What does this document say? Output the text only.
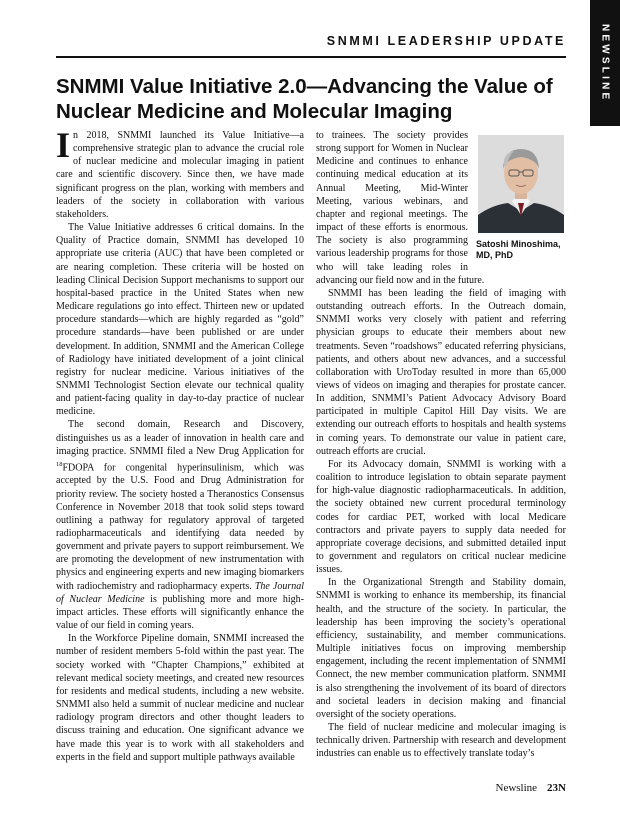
SNMMI LEADERSHIP UPDATE	NEWSLINE
SNMMI Value Initiative 2.0—Advancing the Value of Nuclear Medicine and Molecular Imaging

In 2018, SNMMI launched its Value Initiative—a comprehensive strategic plan to advance the crucial role of nuclear medicine and molecular imaging in patient care and scientific discovery. Since then, we have made significant progress on the plan, working with members and leaders of the society in collaboration with various stakeholders.

The Value Initiative addresses 6 critical domains. In the Quality of Practice domain, SNMMI has developed 10 appropriate use criteria (AUC) that have been completed or are nearing completion. These criteria will be hosted on leading Clinical Decision Support mechanisms to support our hospital-based practice in the United States when new Medicare regulations go into effect. Thirteen new or updated procedure standards—which are highly regarded as “gold” procedure standards—have been published or are under development. In addition, SNMMI and the American College of Radiology have initiated development of a joint clinical registry for nuclear medicine. Various initiatives of the SNMMI Technologist Section elevate our technical quality and patient-facing quality in day-to-day practice of nuclear medicine.

The second domain, Research and Discovery, distinguishes us as a leader of innovation in health care and imaging practice. SNMMI filed a New Drug Application for $^{18}$FDOPA for congenital hyperinsulinism, which was accepted by the U.S. Food and Drug Administration for priority review. The society hosted a Theranostics Consensus Conference in November 2018 that took solid steps toward outlining a pathway for regulatory approval of targeted radiopharmaceuticals and identifying data needed by government and private payers to support reimbursement. We are promoting the development of new instrumentation with physics and engineering experts and new imaging biomarkers with radiochemistry and radiopharmacy experts. The Journal of Nuclear Medicine is publishing more and more high-impact articles. These efforts will significantly enhance the value of our field in coming years.

In the Workforce Pipeline domain, SNMMI increased the number of resident members 5-fold within the past year. The society worked with “Chapter Champions,” exhibited at relevant medical society meetings, and created new resources for residents and medical students, including a new website. SNMMI also held a summit of nuclear medicine and nuclear radiology program directors and other thought leaders to discuss training and education. One significant advance we have made this year is to work with all stakeholders and experts in the field and support multiple pathways available

Satoshi Minoshima, MD, PhD

to trainees. The society provides strong support for Women in Nuclear Medicine and continues to enhance continuing medical education at its Annual Meeting, Mid-Winter Meeting, various webinars, and chapter and regional meetings. The impact of these efforts is enormous. The society is also programming various leadership programs for those who will take leading roles in advancing our field now and in the future.

SNMMI has been leading the field of imaging with outstanding outreach efforts. In the Outreach domain, SNMMI works very closely with patient and referring physician groups to educate their members about new treatments. Seven “roadshows” educated referring physicians, patients, and others about new advances, and a successful collaboration with UroToday resulted in more than 65,000 views of videos on imaging and therapies for prostate cancer. In addition, SNMMI’s Patient Advocacy Advisory Board participated in multiple Capitol Hill Day visits. We are extending our outreach efforts to hospitals and health systems in coming years. To demonstrate our value in patient care, outreach efforts are crucial.

For its Advocacy domain, SNMMI is working with a coalition to introduce legislation to obtain separate payment for high-value diagnostic radiopharmaceuticals. In addition, the society obtained new current procedural terminology codes for cardiac PET, worked with local Medicare contractors and private payers to supply data needed for appropriate coverage decisions, and submitted detailed input to government and regulators on critical nuclear medicine issues.

In the Organizational Strength and Stability domain, SNMMI is working to enhance its membership, its financial health, and the structure of the society. In particular, the leadership has been improving the society’s operational efficiency, sustainability, and member communications. Multiple initiatives focus on improving membership engagement, including the recent implementation of SNMMI Connect, the new member communication platform. SNMMI is also strengthening the involvement of its board of directors and societal leaders in decision making and financial oversight of the society operations.

The field of nuclear medicine and molecular imaging is technically driven. Partnership with research and development industries can enable us to effectively translate today’s

Newsline 23N
